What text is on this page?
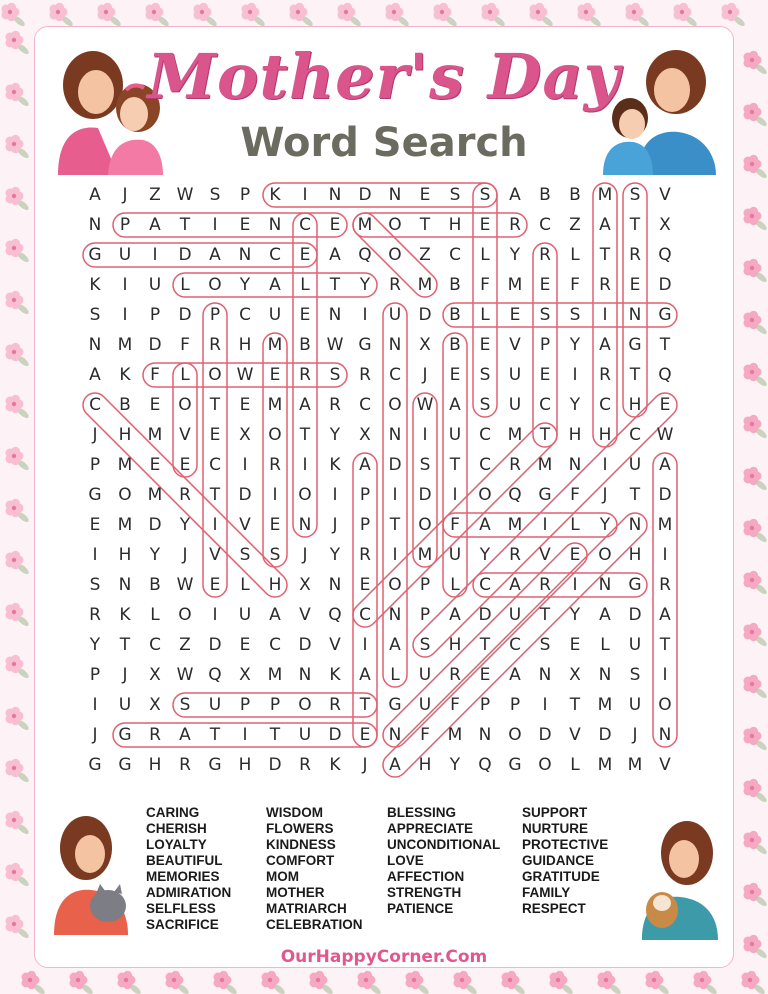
Mother's Day
Word Search
A	J	Z W S	P	K	I	N	D	N	E	S	S	A	B	B M	S	V
N	P	A	T	I	E	N	C	E	M O	T	H	E	R	C	Z	A	T	X
G	U	I	D	A	N	C	E	A	Q O	Z	C	L	Y	R	L	T	R	Q
K	I	U	L	O	Y	A	L	T	Y	R M B	F	M	E	F	R	E	D
S	I	P	D	P	C	U	E	N	I	U	D	B	L	E	S	S	I	N	G
N M D	F	R	H M B W G	N	X	B	E	V	P	Y	A	G	T
A	K	F	L	O W E	R	S	R	C	J	E	S	U	E	I	R	T	Q
C	B	E	O	T	E	M A	R	C	O W A	S	U	C	Y	C	H	E
J	H M V	E	X	O	T	Y	X	N	I	U	C M	T	H	H	C W
P	M	E	E	C	I	R	I	K	A	D	S	T	C	R M N	I	U	A
G O M R	T	D	I	O	I	P	I	D	I	O Q G	F	J	T	D
E	M D	Y	I	V	E	N	J	P	T	O	F	A M	I	L	Y	N M
I	H	Y	J	V	S	S	J	Y	R	I	M U	Y	R	V	E	O H	I
S	N	B W E	L	H	X	N	E	O	P	L	C	A	R	I	N	G	R
R	K	L	O	I	U	A	V	Q	C	N	P	A	D	U	T	Y	A	D	A
Y	T	C	Z	D	E	C	D	V	I	A	S	H	T	C	S	E	L	U	T
P	J	X W Q	X M N	K	A	L	U	R	E	A	N	X	N	S	I
I	U	X	S	U	P	P	O	R	T	G	U	F	P	P	I	T	M U	O
J	G	R	A	T	I	T	U	D	E	N	F	M N O D	V	D	J	N
G G	H	R	G	H	D	R	K	J	A	H	Y	Q G O	L	M M V
CARING
CHERISH
LOYALTY
BEAUTIFUL
MEMORIES
ADMIRATION
SELFLESS
SACRIFICE
WISDOM
FLOWERS
KINDNESS
COMFORT
MOM
MOTHER
MATRIARCH
CELEBRATION
BLESSING
APPRECIATE
UNCONDITIONAL
LOVE
AFFECTION
STRENGTH
PATIENCE
SUPPORT
NURTURE
PROTECTIVE
GUIDANCE
GRATITUDE
FAMILY
RESPECT
OurHappyCorner.Com
